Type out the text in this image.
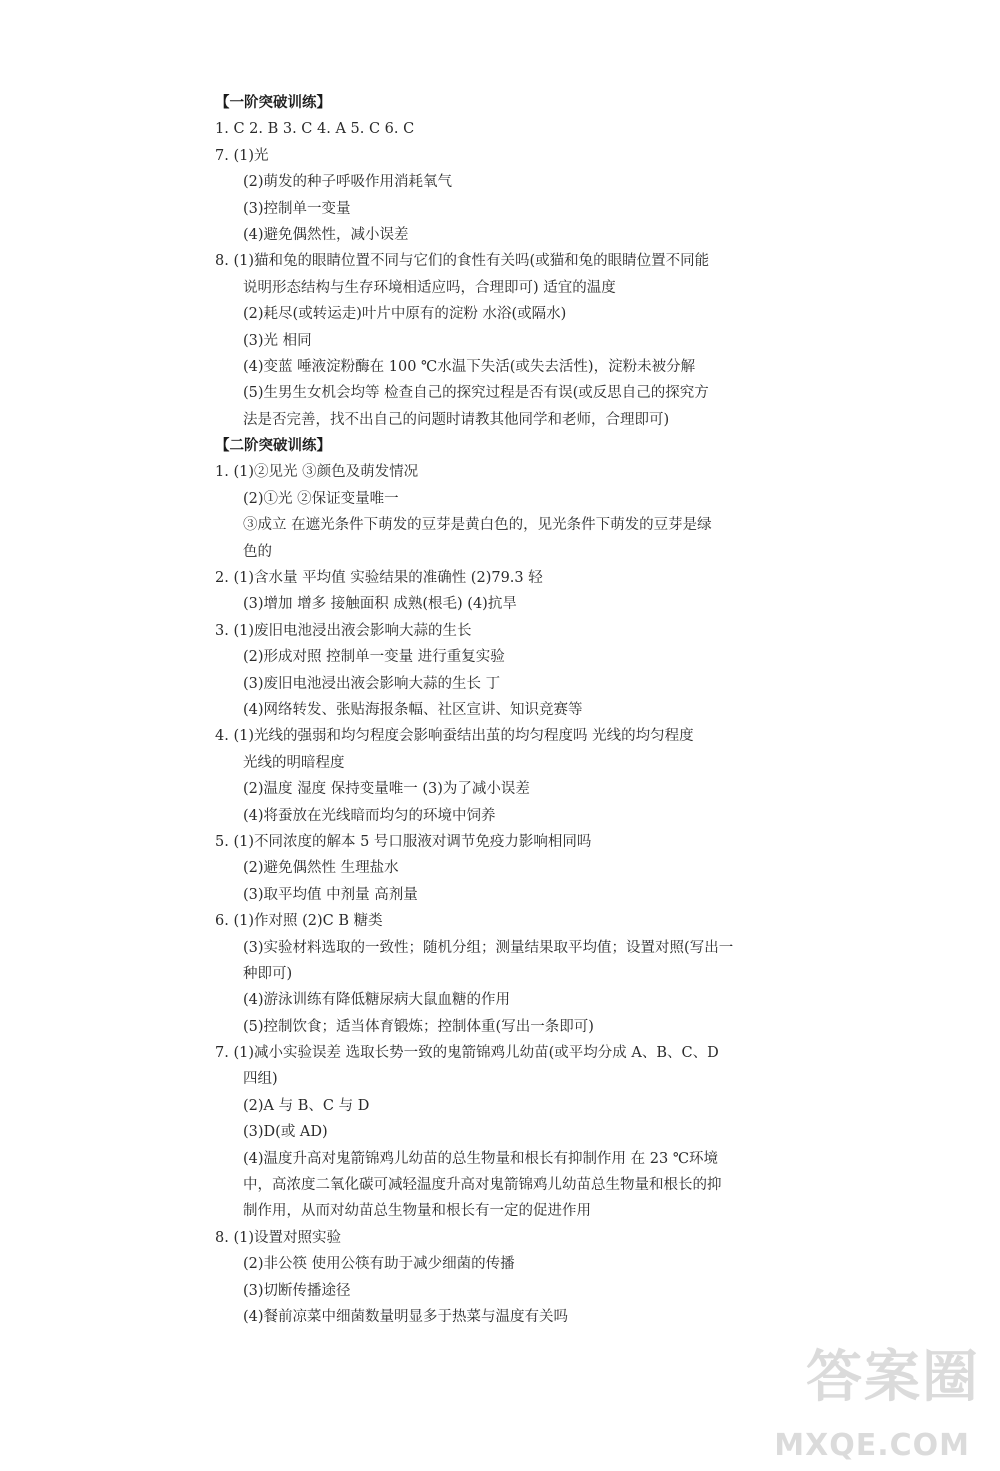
【一阶突破训练】
1. C 2. B 3. C 4. A 5. C 6. C
7. (1)光
(2)萌发的种子呼吸作用消耗氧气
(3)控制单一变量
(4)避免偶然性，减小误差
8. (1)猫和兔的眼睛位置不同与它们的食性有关吗(或猫和兔的眼睛位置不同能
说明形态结构与生存环境相适应吗，合理即可) 适宜的温度
(2)耗尽(或转运走)叶片中原有的淀粉 水浴(或隔水)
(3)光 相同
(4)变蓝 唾液淀粉酶在 100 ℃水温下失活(或失去活性)，淀粉未被分解
(5)生男生女机会均等 检查自己的探究过程是否有误(或反思自己的探究方
法是否完善，找不出自己的问题时请教其他同学和老师，合理即可)
【二阶突破训练】
1. (1)②见光 ③颜色及萌发情况
(2)①光 ②保证变量唯一
③成立 在遮光条件下萌发的豆芽是黄白色的，见光条件下萌发的豆芽是绿
色的
2. (1)含水量 平均值 实验结果的准确性 (2)79.3 轻
(3)增加 增多 接触面积 成熟(根毛) (4)抗旱
3. (1)废旧电池浸出液会影响大蒜的生长
(2)形成对照 控制单一变量 进行重复实验
(3)废旧电池浸出液会影响大蒜的生长 丁
(4)网络转发、张贴海报条幅、社区宣讲、知识竞赛等
4. (1)光线的强弱和均匀程度会影响蚕结出茧的均匀程度吗 光线的均匀程度
光线的明暗程度
(2)温度 湿度 保持变量唯一 (3)为了减小误差
(4)将蚕放在光线暗而均匀的环境中饲养
5. (1)不同浓度的解本 5 号口服液对调节免疫力影响相同吗
(2)避免偶然性 生理盐水
(3)取平均值 中剂量 高剂量
6. (1)作对照 (2)C B 糖类
(3)实验材料选取的一致性；随机分组；测量结果取平均值；设置对照(写出一
种即可)
(4)游泳训练有降低糖尿病大鼠血糖的作用
(5)控制饮食；适当体育锻炼；控制体重(写出一条即可)
7. (1)减小实验误差 选取长势一致的鬼箭锦鸡儿幼苗(或平均分成 A、B、C、D
四组)
(2)A 与 B、C 与 D
(3)D(或 AD)
(4)温度升高对鬼箭锦鸡儿幼苗的总生物量和根长有抑制作用 在 23 ℃环境
中，高浓度二氧化碳可减轻温度升高对鬼箭锦鸡儿幼苗总生物量和根长的抑
制作用，从而对幼苗总生物量和根长有一定的促进作用
8. (1)设置对照实验
(2)非公筷 使用公筷有助于减少细菌的传播
(3)切断传播途径
(4)餐前凉菜中细菌数量明显多于热菜与温度有关吗
答案圈
MXQE.COM
